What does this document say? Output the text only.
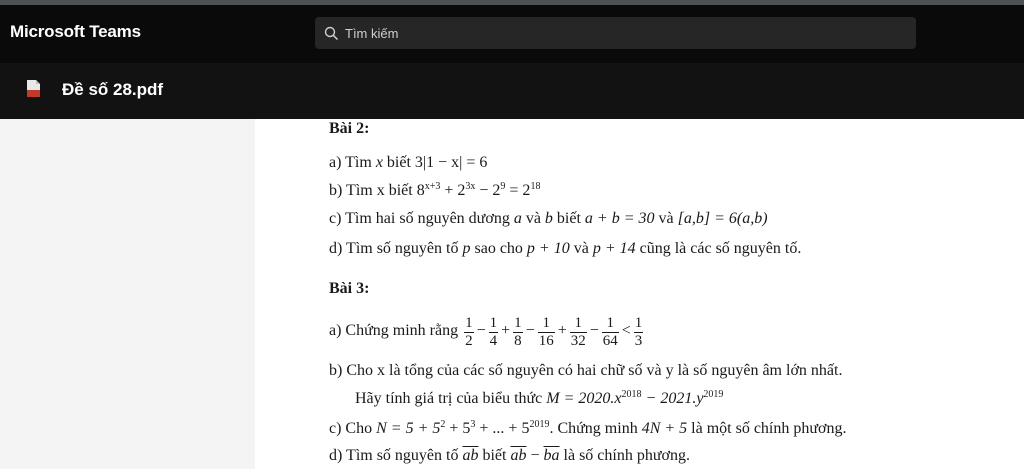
Microsoft Teams
Tìm kiếm
Đề số 28.pdf
Bài 2:
a) Tìm x biết 3|1 − x| = 6
b) Tìm x biết $8^{x+3} + 2^{3x} - 2^9 = 2^{18}$
c) Tìm hai số nguyên dương a và b biết a + b = 30 và [a,b] = 6(a,b)
d) Tìm số nguyên tố p sao cho p + 10 và p + 14 cũng là các số nguyên tố.
Bài 3:
a) Chứng minh rằng $\frac{1}{2} - \frac{1}{4} + \frac{1}{8} - \frac{1}{16} + \frac{1}{32} - \frac{1}{64} < \frac{1}{3}$
b) Cho x là tổng của các số nguyên có hai chữ số và y là số nguyên âm lớn nhất.
Hãy tính giá trị của biểu thức $M = 2020.x^{2018} - 2021.y^{2019}$
c) Cho $N = 5 + 5^2 + 5^3$ + ... + $5^{2019}$. Chứng minh 4N + 5 là một số chính phương.
d) Tìm số nguyên tố $\overline{ab}$ biết $\overline{ab} - \overline{ba}$ là số chính phương.
